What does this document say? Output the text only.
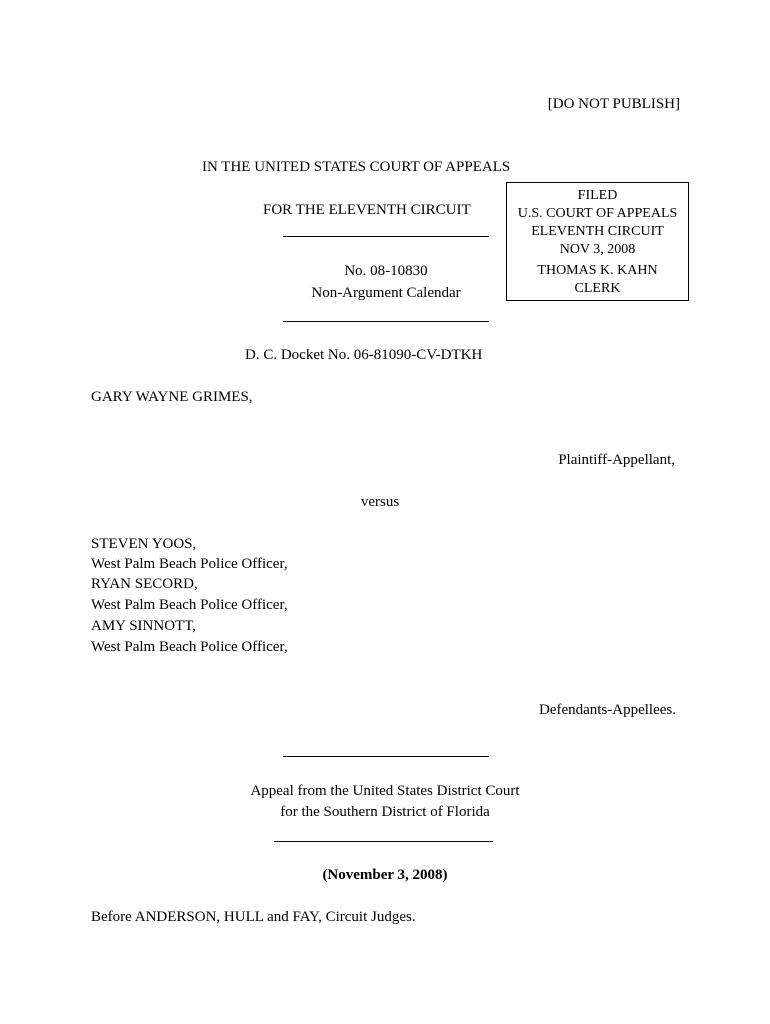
[DO NOT PUBLISH]

IN THE UNITED STATES COURT OF APPEALS

FOR THE ELEVENTH CIRCUIT

FILED
U.S. COURT OF APPEALS
ELEVENTH CIRCUIT
NOV 3, 2008
THOMAS K. KAHN
CLERK

No. 08-10830

Non-Argument Calendar

D. C. Docket No. 06-81090-CV-DTKH

GARY WAYNE GRIMES,

Plaintiff-Appellant,

versus

STEVEN YOOS,

West Palm Beach Police Officer,

RYAN SECORD,

West Palm Beach Police Officer,

AMY SINNOTT,

West Palm Beach Police Officer,

Defendants-Appellees.

Appeal from the United States District Court

for the Southern District of Florida

(November 3, 2008)

Before ANDERSON, HULL and FAY, Circuit Judges.
